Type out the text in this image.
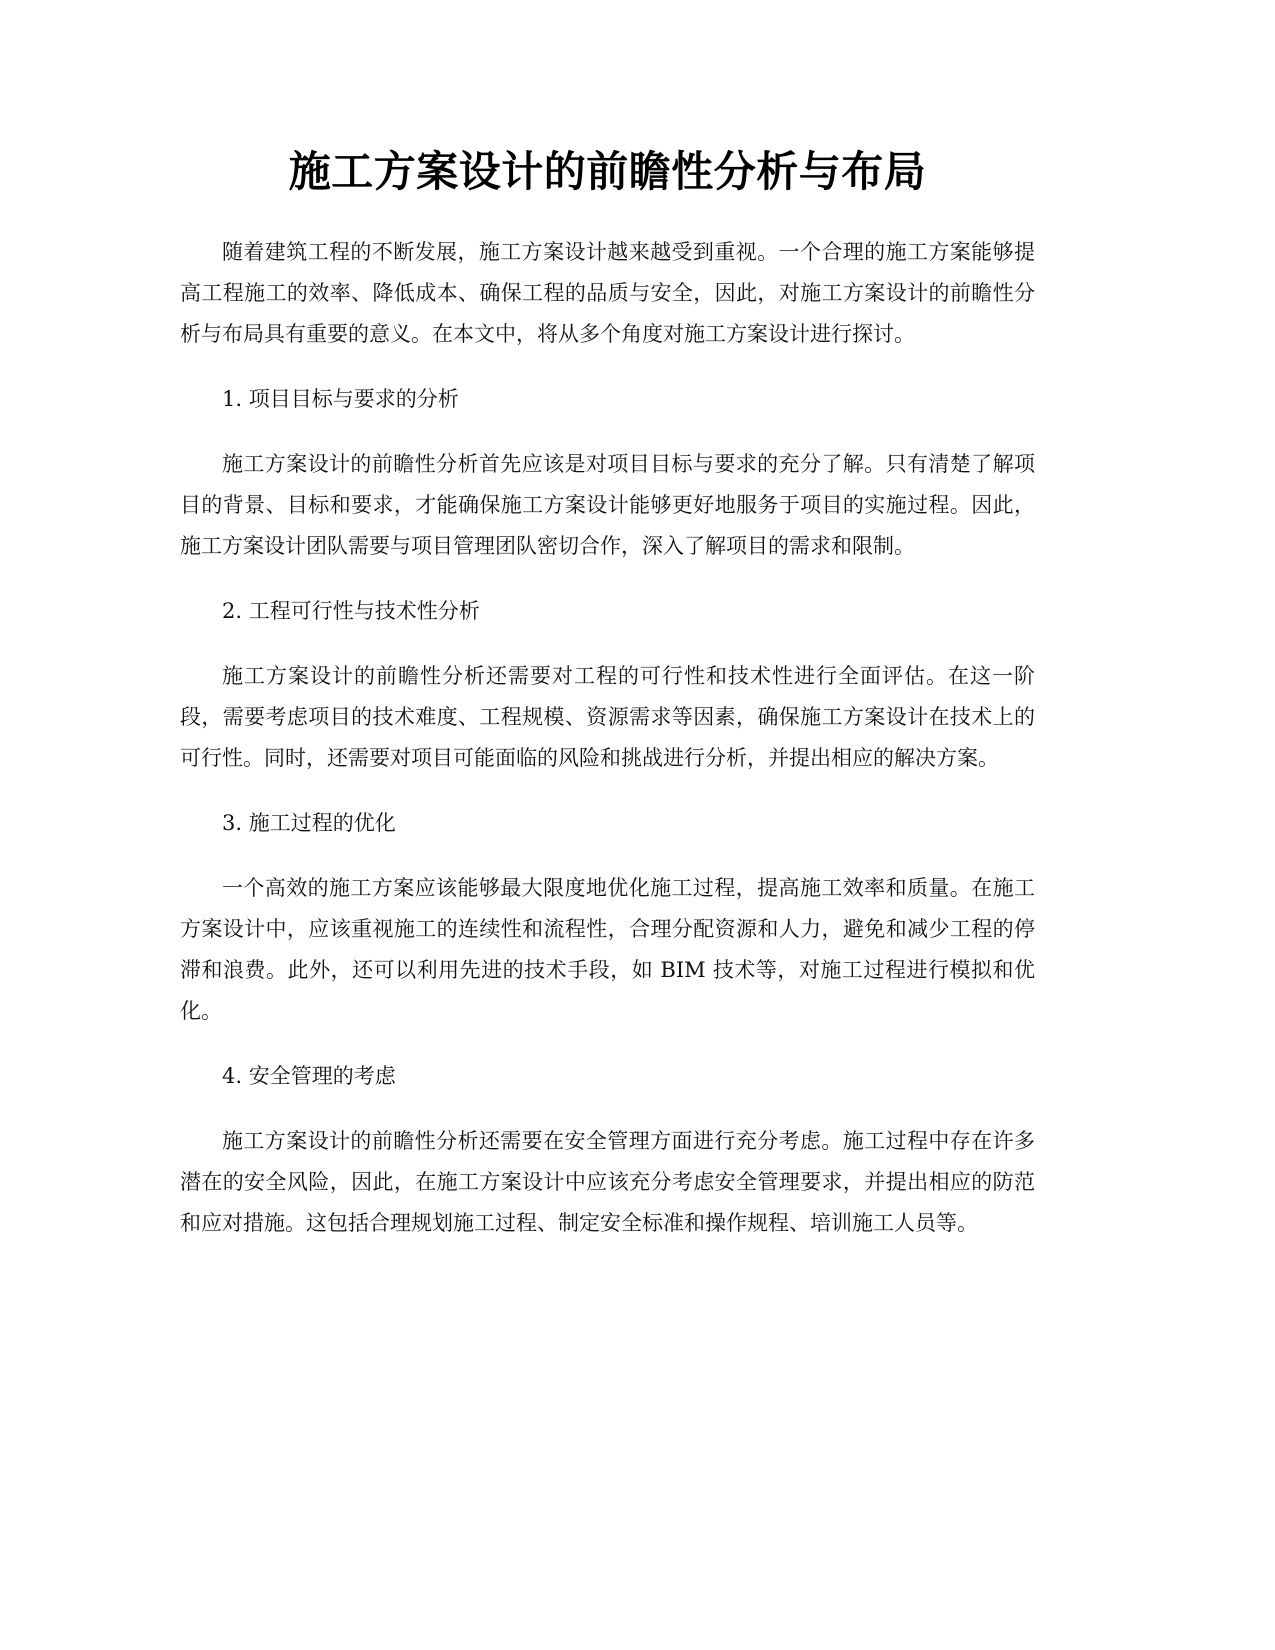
施工方案设计的前瞻性分析与布局

随着建筑工程的不断发展，施工方案设计越来越受到重视。一个合理的施工方案能够提高工程施工的效率、降低成本、确保工程的品质与安全，因此，对施工方案设计的前瞻性分析与布局具有重要的意义。在本文中，将从多个角度对施工方案设计进行探讨。

1. 项目目标与要求的分析

施工方案设计的前瞻性分析首先应该是对项目目标与要求的充分了解。只有清楚了解项目的背景、目标和要求，才能确保施工方案设计能够更好地服务于项目的实施过程。因此，施工方案设计团队需要与项目管理团队密切合作，深入了解项目的需求和限制。

2. 工程可行性与技术性分析

施工方案设计的前瞻性分析还需要对工程的可行性和技术性进行全面评估。在这一阶段，需要考虑项目的技术难度、工程规模、资源需求等因素，确保施工方案设计在技术上的可行性。同时，还需要对项目可能面临的风险和挑战进行分析，并提出相应的解决方案。

3. 施工过程的优化

一个高效的施工方案应该能够最大限度地优化施工过程，提高施工效率和质量。在施工方案设计中，应该重视施工的连续性和流程性，合理分配资源和人力，避免和减少工程的停滞和浪费。此外，还可以利用先进的技术手段，如 BIM 技术等，对施工过程进行模拟和优化。

4. 安全管理的考虑

施工方案设计的前瞻性分析还需要在安全管理方面进行充分考虑。施工过程中存在许多潜在的安全风险，因此，在施工方案设计中应该充分考虑安全管理要求，并提出相应的防范和应对措施。这包括合理规划施工过程、制定安全标准和操作规程、培训施工人员等。
